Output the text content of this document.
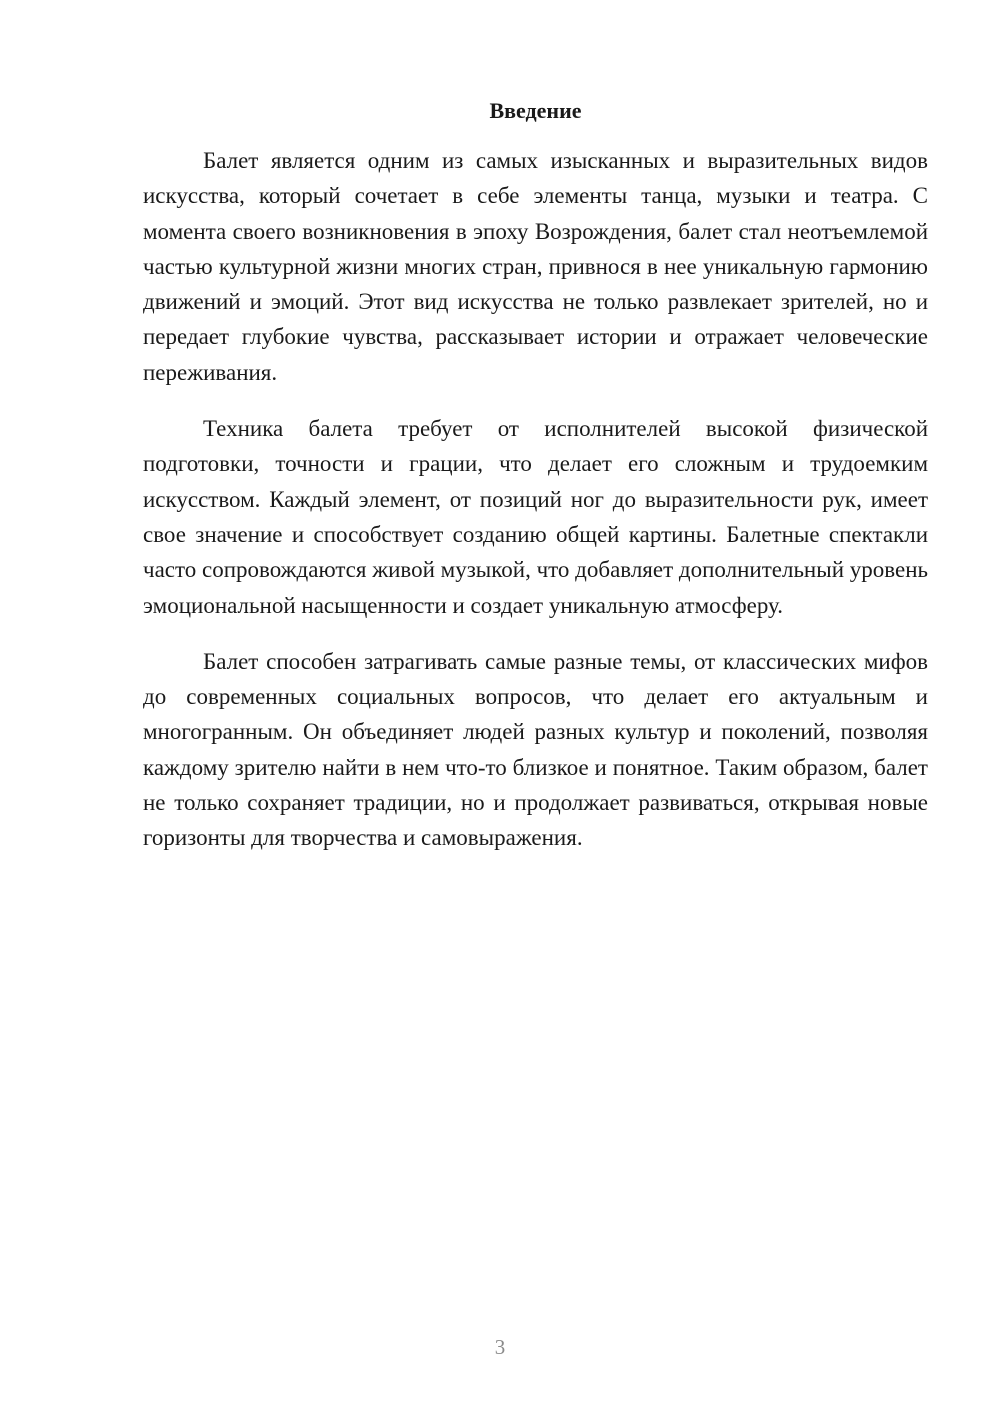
Введение

Балет является одним из самых изысканных и выразительных видов искусства, который сочетает в себе элементы танца, музыки и театра. С момента своего возникновения в эпоху Возрождения, балет стал неотъемлемой частью культурной жизни многих стран, привнося в нее уникальную гармонию движений и эмоций. Этот вид искусства не только развлекает зрителей, но и передает глубокие чувства, рассказывает истории и отражает человеческие переживания.

Техника балета требует от исполнителей высокой физической подготовки, точности и грации, что делает его сложным и трудоемким искусством. Каждый элемент, от позиций ног до выразительности рук, имеет свое значение и способствует созданию общей картины. Балетные спектакли часто сопровождаются живой музыкой, что добавляет дополнительный уровень эмоциональной насыщенности и создает уникальную атмосферу.

Балет способен затрагивать самые разные темы, от классических мифов до современных социальных вопросов, что делает его актуальным и многогранным. Он объединяет людей разных культур и поколений, позволяя каждому зрителю найти в нем что-то близкое и понятное. Таким образом, балет не только сохраняет традиции, но и продолжает развиваться, открывая новые горизонты для творчества и самовыражения.

3
